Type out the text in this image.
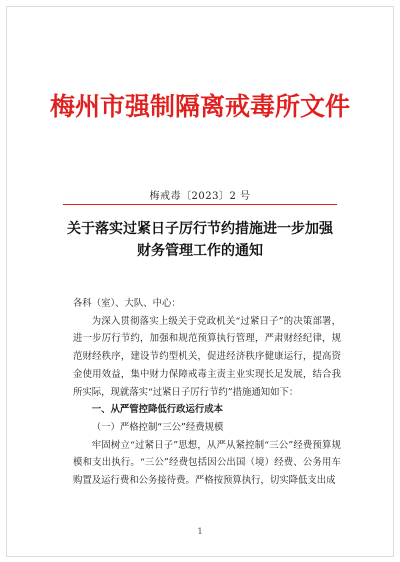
梅州市强制隔离戒毒所文件
梅戒毒〔2023〕2 号
关于落实过紧日子厉行节约措施进一步加强
财务管理工作的通知

各科（室）、大队、中心：

为深入贯彻落实上级关于党政机关“过紧日子”的决策部署，进一步厉行节约，加强和规范预算执行管理，严肃财经纪律，规范财经秩序，建设节约型机关，促进经济秩序健康运行，提高资金使用效益，集中财力保障戒毒主责主业实现长足发展，结合我所实际，现就落实“过紧日子厉行节约”措施通知如下：

一、从严管控降低行政运行成本

（一）严格控制“三公”经费规模

牢固树立“过紧日子”思想，从严从紧控制“三公”经费预算规模和支出执行。“三公”经费包括因公出国（境）经费、公务用车购置及运行费和公务接待费。严格按预算执行，切实降低支出成

1
